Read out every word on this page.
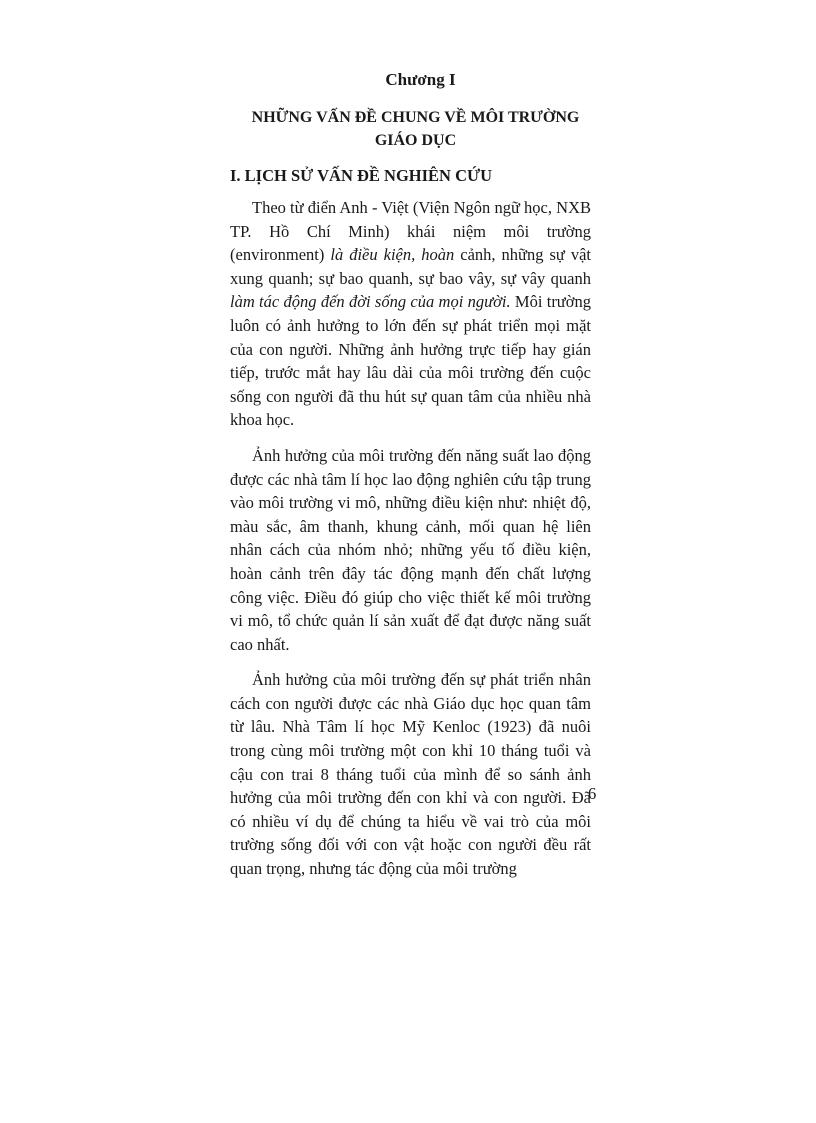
Chương I
NHỮNG VẤN ĐỀ CHUNG VỀ MÔI TRƯỜNG
GIÁO DỤC
I. LỊCH SỬ VẤN ĐỀ NGHIÊN CỨU

Theo từ điển Anh - Việt (Viện Ngôn ngữ học, NXB TP. Hồ Chí Minh) khái niệm môi trường (environment) là điều kiện, hoàn cảnh, những sự vật xung quanh; sự bao quanh, sự bao vây, sự vây quanh làm tác động đến đời sống của mọi người. Môi trường luôn có ảnh hưởng to lớn đến sự phát triển mọi mặt của con người. Những ảnh hưởng trực tiếp hay gián tiếp, trước mắt hay lâu dài của môi trường đến cuộc sống con người đã thu hút sự quan tâm của nhiều nhà khoa học.

Ảnh hưởng của môi trường đến năng suất lao động được các nhà tâm lí học lao động nghiên cứu tập trung vào môi trường vi mô, những điều kiện như: nhiệt độ, màu sắc, âm thanh, khung cảnh, mối quan hệ liên nhân cách của nhóm nhỏ; những yếu tố điều kiện, hoàn cảnh trên đây tác động mạnh đến chất lượng công việc. Điều đó giúp cho việc thiết kế môi trường vi mô, tổ chức quản lí sản xuất để đạt được năng suất cao nhất.

Ảnh hưởng của môi trường đến sự phát triển nhân cách con người được các nhà Giáo dục học quan tâm từ lâu. Nhà Tâm lí học Mỹ Kenloc (1923) đã nuôi trong cùng môi trường một con khỉ 10 tháng tuổi và cậu con trai 8 tháng tuổi của mình để so sánh ảnh hưởng của môi trường đến con khỉ và con người. Đã có nhiều ví dụ để chúng ta hiểu về vai trò của môi trường sống đối với con vật hoặc con người đều rất quan trọng, nhưng tác động của môi trường

6
